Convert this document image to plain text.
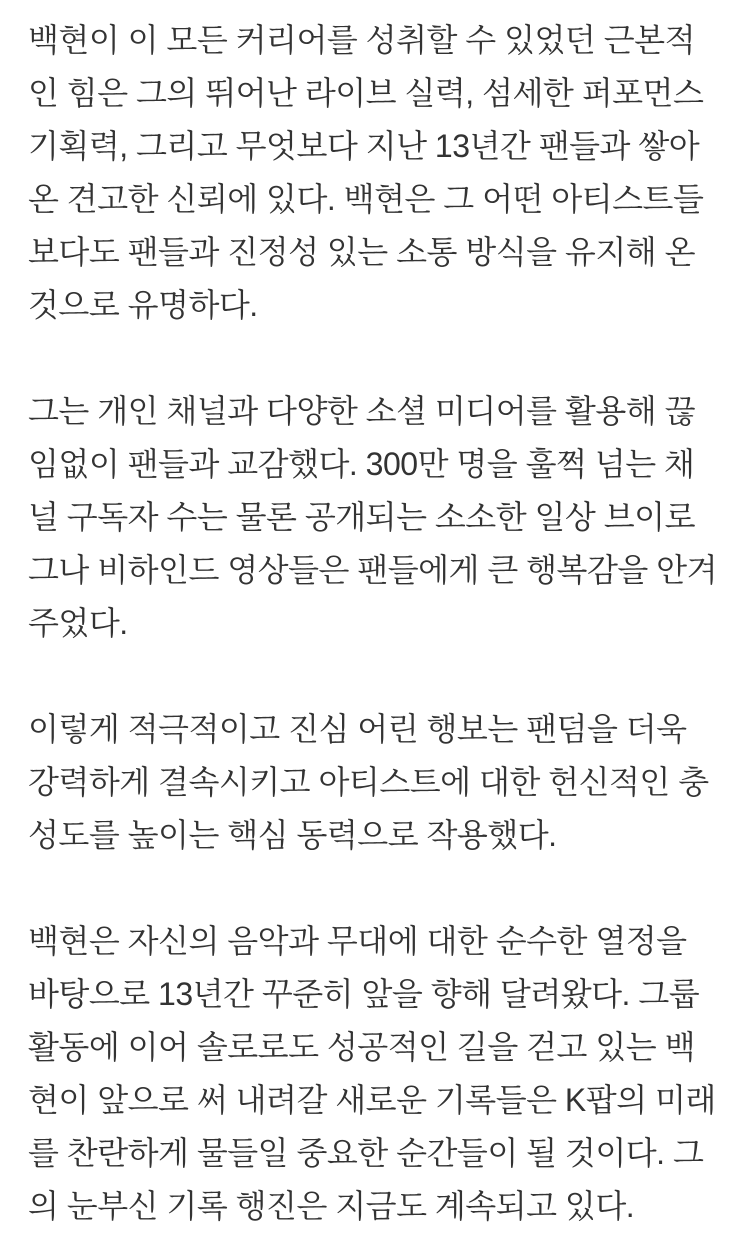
백현이 이 모든 커리어를 성취할 수 있었던 근본적인 힘은 그의 뛰어난 라이브 실력, 섬세한 퍼포먼스 기획력, 그리고 무엇보다 지난 13년간 팬들과 쌓아온 견고한 신뢰에 있다. 백현은 그 어떤 아티스트들보다도 팬들과 진정성 있는 소통 방식을 유지해 온 것으로 유명하다.

그는 개인 채널과 다양한 소셜 미디어를 활용해 끊임없이 팬들과 교감했다. 300만 명을 훌쩍 넘는 채널 구독자 수는 물론 공개되는 소소한 일상 브이로그나 비하인드 영상들은 팬들에게 큰 행복감을 안겨주었다.

이렇게 적극적이고 진심 어린 행보는 팬덤을 더욱 강력하게 결속시키고 아티스트에 대한 헌신적인 충성도를 높이는 핵심 동력으로 작용했다.

백현은 자신의 음악과 무대에 대한 순수한 열정을 바탕으로 13년간 꾸준히 앞을 향해 달려왔다. 그룹 활동에 이어 솔로로도 성공적인 길을 걷고 있는 백현이 앞으로 써 내려갈 새로운 기록들은 K팝의 미래를 찬란하게 물들일 중요한 순간들이 될 것이다. 그의 눈부신 기록 행진은 지금도 계속되고 있다.
